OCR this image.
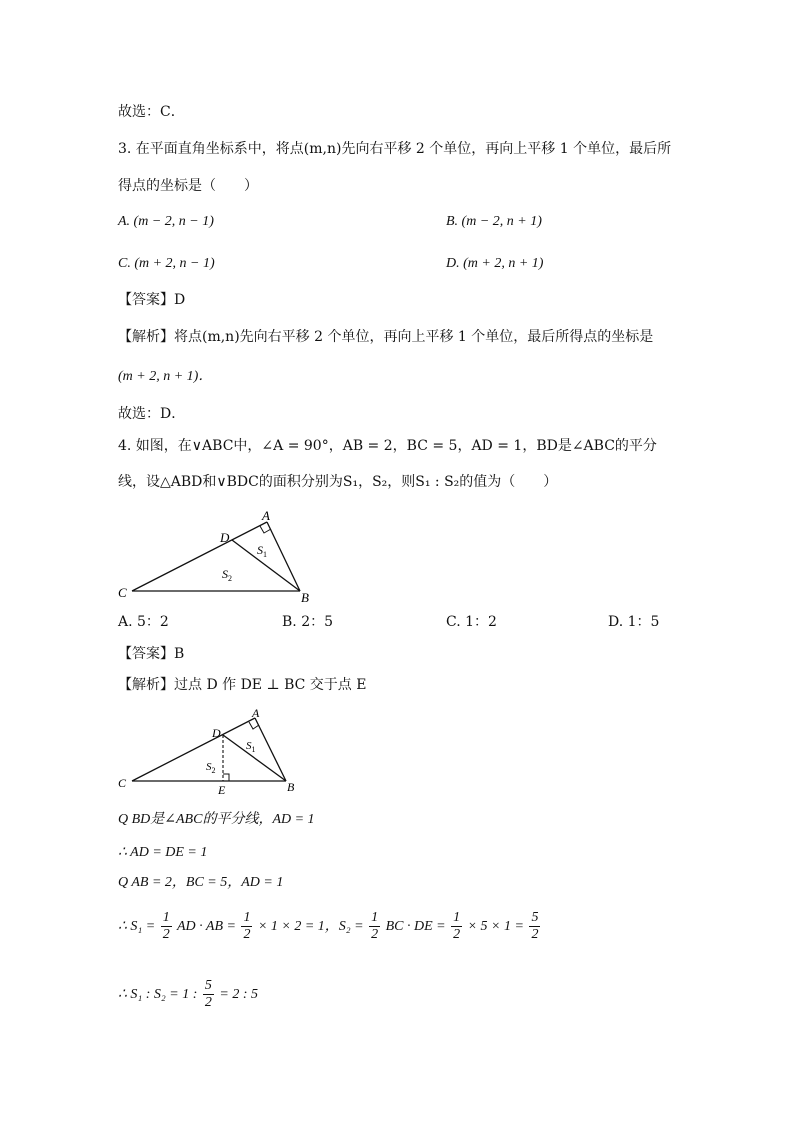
故选：C．
3. 在平面直角坐标系中，将点(m,n)先向右平移 2 个单位，再向上平移 1 个单位，最后所
得点的坐标是（　　）
A. (m − 2, n − 1)	B. (m − 2, n + 1)
C. (m + 2, n − 1)	D. (m + 2, n + 1)
【答案】D
【解析】将点(m,n)先向右平移 2 个单位，再向上平移 1 个单位，最后所得点的坐标是
(m + 2, n + 1)．
故选：D．
4. 如图，在∨ABC中，∠A = 90°，AB = 2，BC = 5，AD = 1，BD是∠ABC的平分
线，设△ABD和∨BDC的面积分别为S₁，S₂，则S₁ : S₂的值为（　　）
A
B
C
D
$S_1$
$S_2$
A. 5：2	B. 2：5	C. 1：2	D. 1：5
【答案】B
【解析】过点 D 作 DE ⊥ BC 交于点 E
A
B
C
D
E
$S_1$
$S_2$
Q BD是∠ABC的平分线，AD = 1
∴ AD = DE = 1
Q AB = 2，BC = 5，AD = 1
∴ $S_1 = \frac{1}{2}$ AD · AB = $\frac{1}{2} \times 1 \times 2 = 1$，$S_2 = \frac{1}{2}$ BC · DE = $\frac{1}{2} \times 5 \times 1 = \frac{5}{2}$
∴ S₁ : S₂ = 1 : $\frac{5}{2} = 2$ : 5
